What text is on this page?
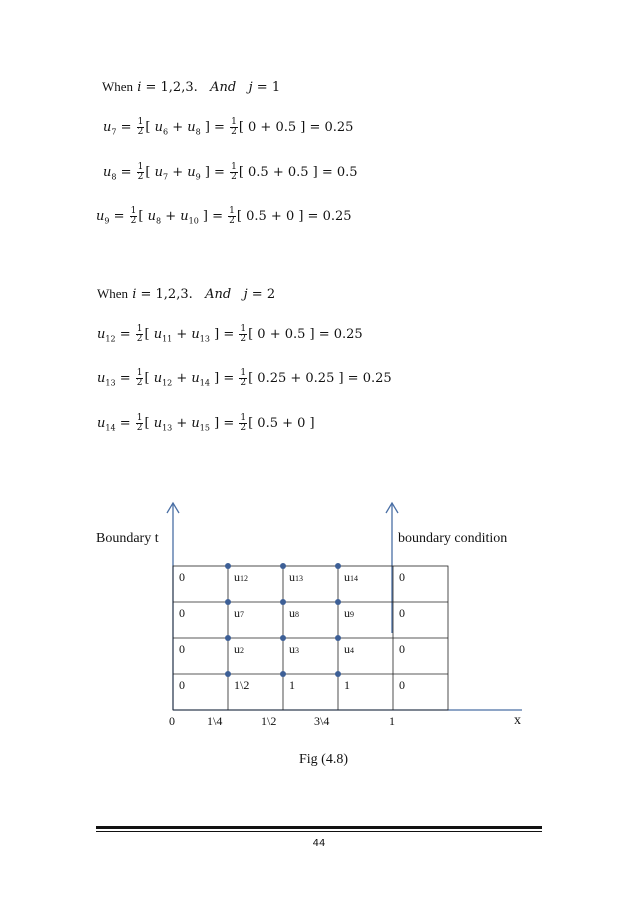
When i = 1,2,3. And j = 1
$u_7 = \frac{1}{2}$ [ $u_6 + u_8$ ] = $\frac{1}{2}$ [ 0 + 0.5 ] = 0.25
$u_8 = \frac{1}{2}$ [ $u_7 + u_9$ ] = $\frac{1}{2}$ [ 0.5 + 0.5 ] = 0.5
$u_9 = \frac{1}{2}$ [ $u_8 + u_{10}$ ] = $\frac{1}{2}$ [ 0.5 + 0 ] = 0.25
When i = 1,2,3. And j = 2
$u_{12} = \frac{1}{2}$ [ $u_{11} + u_{13}$ ] = $\frac{1}{2}$ [ 0 + 0.5 ] = 0.25
$u_{13} = \frac{1}{2}$ [ $u_{12} + u_{14}$ ] = $\frac{1}{2}$ [ 0.25 + 0.25 ] = 0.25
$u_{14} = \frac{1}{2}$ [ $u_{13} + u_{15}$ ] = $\frac{1}{2}$ [ 0.5 + 0 ]
Boundary t	boundary condition
0	u12	u13	u14	0
0	u7	u8	u9	0
0	u2	u3	u4	0
0	1\2	1	1	0
0	1\4	1\2	3\4	1	x
Fig (4.8)
44
